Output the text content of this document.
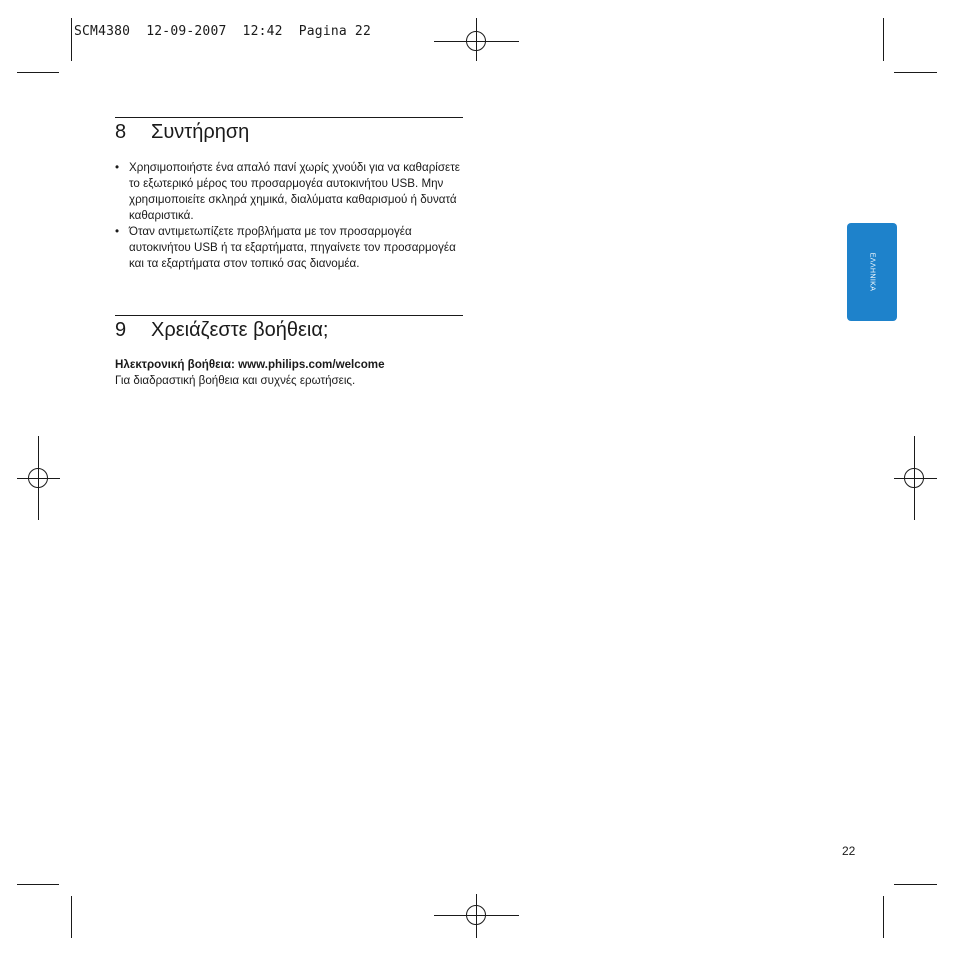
SCM4380  12-09-2007  12:42  Pagina 22
8 Συντήρηση
• Χρησιμοποιήστε ένα απαλό πανί χωρίς χνούδι για να καθαρίσετε το εξωτερικό μέρος του προσαρμογέα αυτοκινήτου USB. Μην χρησιμοποιείτε σκληρά χημικά, διαλύματα καθαρισμού ή δυνατά καθαριστικά.
• Όταν αντιμετωπίζετε προβλήματα με τον προσαρμογέα αυτοκινήτου USB ή τα εξαρτήματα, πηγαίνετε τον προσαρμογέα και τα εξαρτήματα στον τοπικό σας διανομέα.
9 Χρειάζεστε βοήθεια;
Ηλεκτρονική βοήθεια: www.philips.com/welcome
Για διαδραστική βοήθεια και συχνές ερωτήσεις.
ΕΛΛΗΝΙΚΑ
22
